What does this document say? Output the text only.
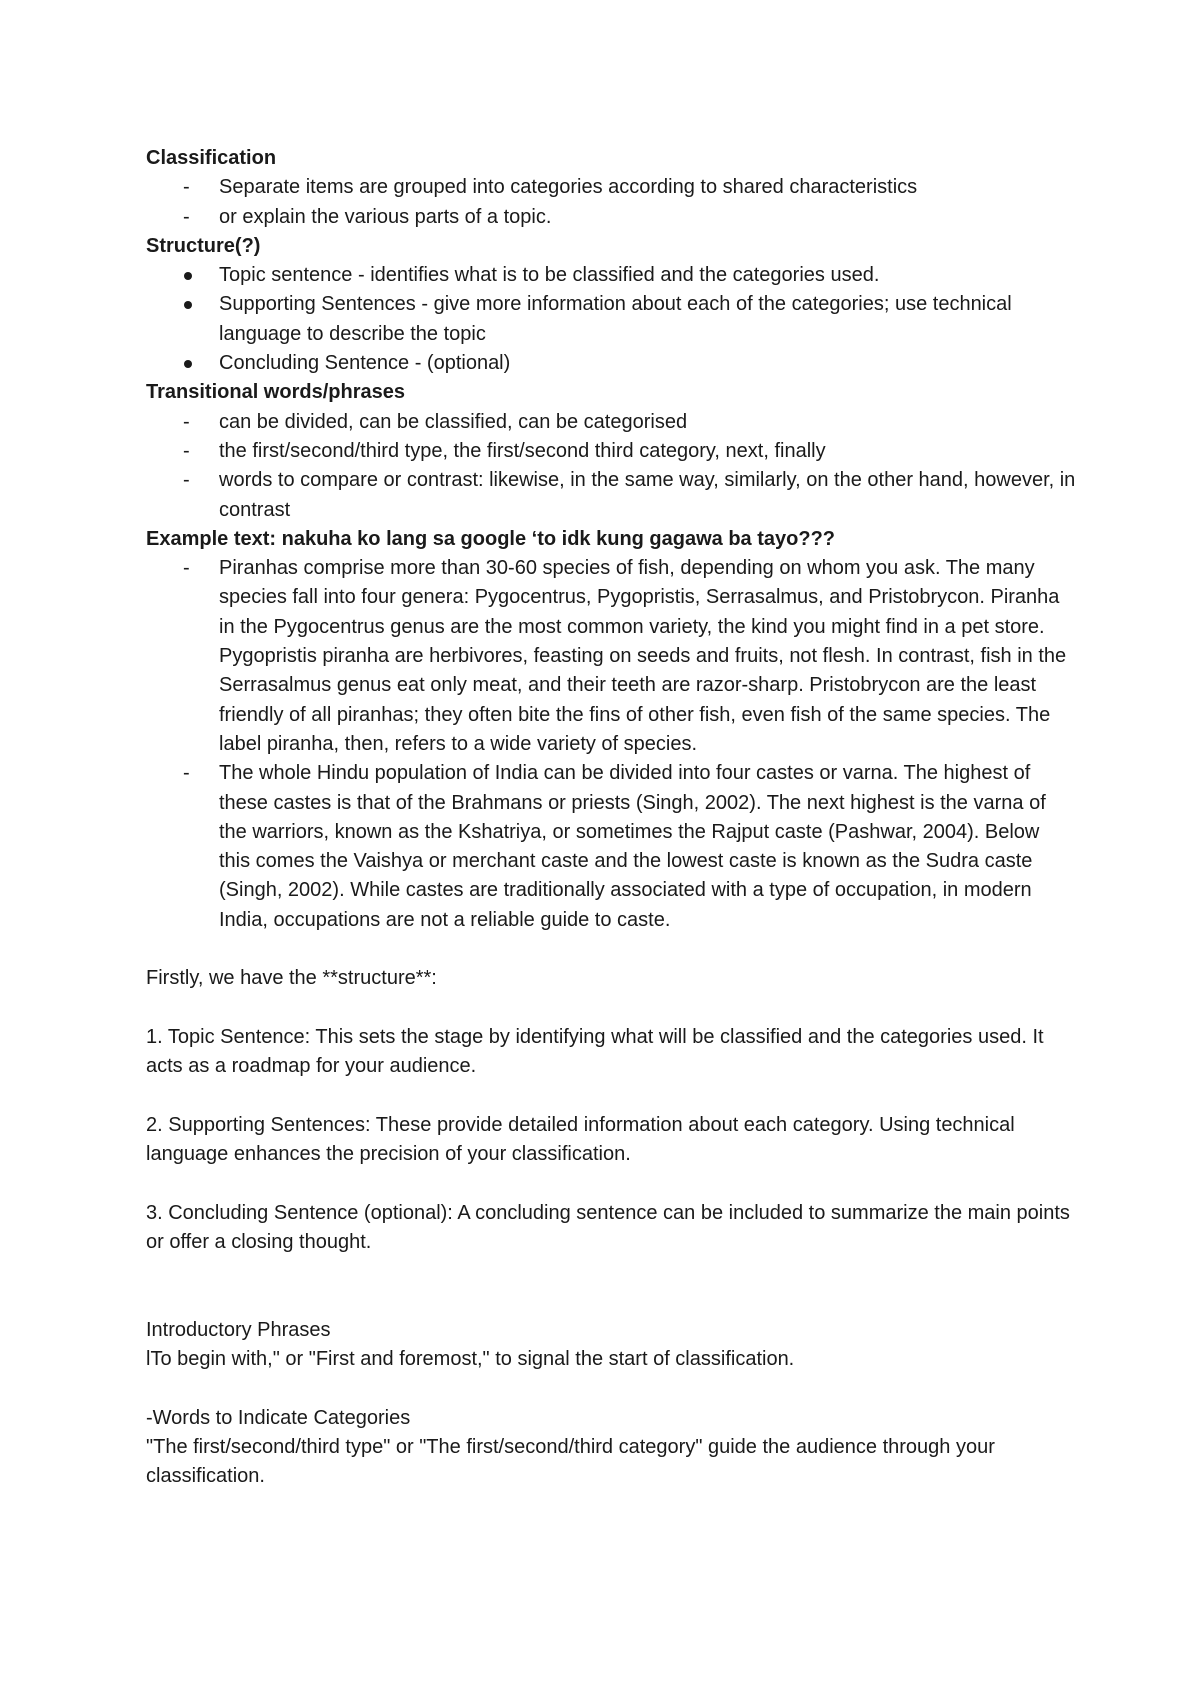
Classification

-	Separate items are grouped into categories according to shared characteristics
-	or explain the various parts of a topic.

Structure(?)

Topic sentence - identifies what is to be classified and the categories used.
Supporting Sentences - give more information about each of the categories; use technical language to describe the topic
Concluding Sentence - (optional)

Transitional words/phrases

-	can be divided, can be classified, can be categorised
-	the first/second/third type, the first/second third category, next, finally
-	words to compare or contrast: likewise, in the same way, similarly, on the other hand, however, in contrast

Example text: nakuha ko lang sa google ‘to idk kung gagawa ba tayo???

-	Piranhas comprise more than 30-60 species of fish, depending on whom you ask. The many species fall into four genera: Pygocentrus, Pygopristis, Serrasalmus, and Pristobrycon. Piranha in the Pygocentrus genus are the most common variety, the kind you might find in a pet store. Pygopristis piranha are herbivores, feasting on seeds and fruits, not flesh. In contrast, fish in the Serrasalmus genus eat only meat, and their teeth are razor-sharp. Pristobrycon are the least friendly of all piranhas; they often bite the fins of other fish, even fish of the same species. The label piranha, then, refers to a wide variety of species.
-	The whole Hindu population of India can be divided into four castes or varna. The highest of these castes is that of the Brahmans or priests (Singh, 2002). The next highest is the varna of the warriors, known as the Kshatriya, or sometimes the Rajput caste (Pashwar, 2004). Below this comes the Vaishya or merchant caste and the lowest caste is known as the Sudra caste (Singh, 2002). While castes are traditionally associated with a type of occupation, in modern India, occupations are not a reliable guide to caste.

Firstly, we have the **structure**:

1. Topic Sentence: This sets the stage by identifying what will be classified and the categories used. It acts as a roadmap for your audience.

2. Supporting Sentences: These provide detailed information about each category. Using technical language enhances the precision of your classification.

3. Concluding Sentence (optional): A concluding sentence can be included to summarize the main points or offer a closing thought.

Introductory Phrases

lTo begin with," or "First and foremost," to signal the start of classification.

-Words to Indicate Categories

"The first/second/third type" or "The first/second/third category" guide the audience through your classification.
